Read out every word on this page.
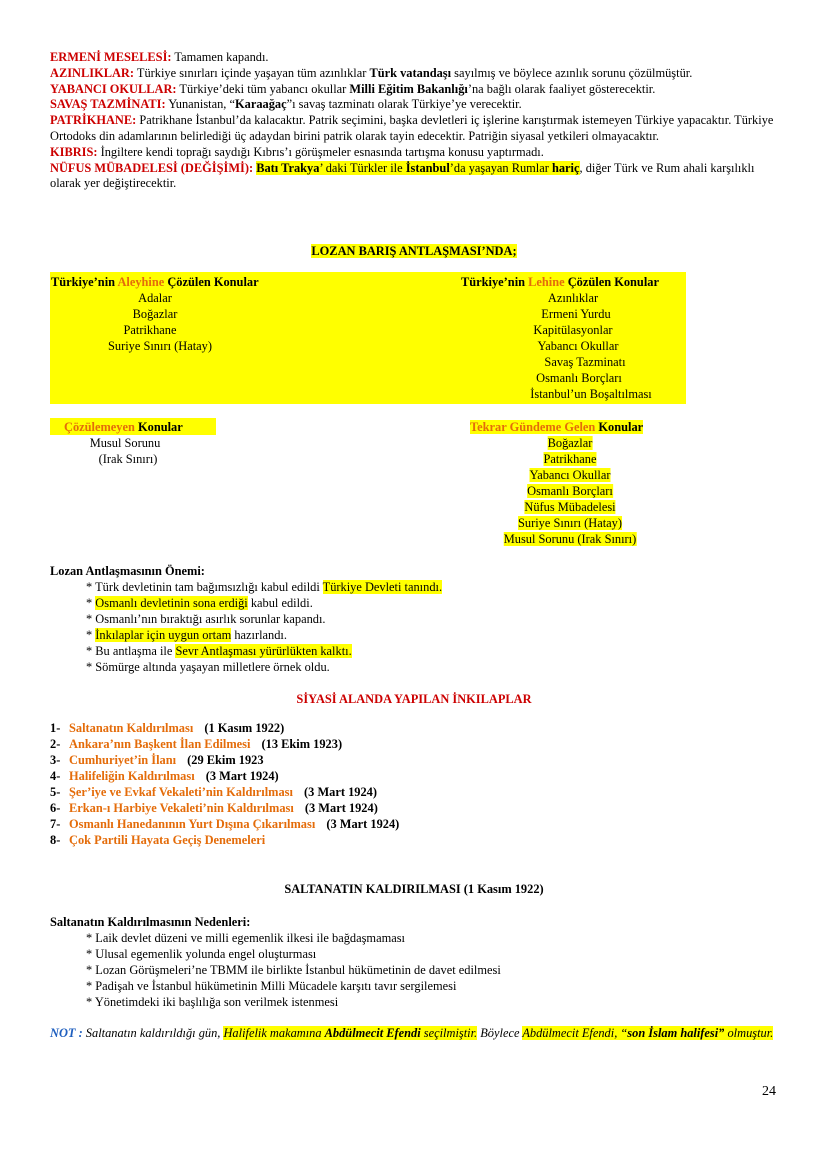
ERMENİ MESELESİ: Tamamen kapandı.

AZINLIKLAR: Türkiye sınırları içinde yaşayan tüm azınlıklar Türk vatandaşı sayılmış ve böylece azınlık sorunu çözülmüştür.

YABANCI OKULLAR: Türkiye’deki tüm yabancı okullar Milli Eğitim Bakanlığı’na bağlı olarak faaliyet gösterecektir.

SAVAŞ TAZMİNATI: Yunanistan, “Karaağaç”ı savaş tazminatı olarak Türkiye’ye verecektir.

PATRİKHANE: Patrikhane İstanbul’da kalacaktır. Patrik seçimini, başka devletleri iç işlerine karıştırmak istemeyen Türkiye yapacaktır. Türkiye Ortodoks din adamlarının belirlediği üç adaydan birini patrik olarak tayin edecektir. Patriğin siyasal yetkileri olmayacaktır.

KIBRIS: İngiltere kendi toprağı saydığı Kıbrıs’ı görüşmeler esnasında tartışma konusu yaptırmadı.

NÜFUS MÜBADELESİ (DEĞİŞİMİ): Batı Trakya’ daki Türkler ile İstanbul’da yaşayan Rumlar hariç, diğer Türk ve Rum ahali karşılıklı olarak yer değiştirecektir.

LOZAN BARIŞ ANTLAŞMASI’NDA;
Türkiye’nin Aleyhine Çözülen Konular
Adalar
Boğazlar
Patrikhane
Suriye Sınırı (Hatay)
Türkiye’nin Lehine Çözülen Konular
Azınlıklar
Ermeni Yurdu
Kapitülasyonlar
Yabancı Okullar
Savaş Tazminatı
Osmanlı Borçları
İstanbul’un Boşaltılması
Çözülemeyen Konular
Musul Sorunu
(Irak Sınırı)
Tekrar Gündeme Gelen Konular
Boğazlar
Patrikhane
Yabancı Okullar
Osmanlı Borçları
Nüfus Mübadelesi
Suriye Sınırı (Hatay)
Musul Sorunu (Irak Sınırı)
Lozan Antlaşmasının Önemi:
* Türk devletinin tam bağımsızlığı kabul edildi Türkiye Devleti tanındı.
* Osmanlı devletinin sona erdiği kabul edildi.
* Osmanlı’nın bıraktığı asırlık sorunlar kapandı.
* İnkılaplar için uygun ortam hazırlandı.
* Bu antlaşma ile Sevr Antlaşması yürürlükten kalktı.
* Sömürge altında yaşayan milletlere örnek oldu.
SİYASİ ALANDA YAPILAN İNKILAPLAR
1- Saltanatın Kaldırılması (1 Kasım 1922)
2- Ankara’nın Başkent İlan Edilmesi (13 Ekim 1923)
3- Cumhuriyet’in İlanı (29 Ekim 1923
4- Halifeliğin Kaldırılması (3 Mart 1924)
5- Şer’iye ve Evkaf Vekaleti’nin Kaldırılması (3 Mart 1924)
6- Erkan-ı Harbiye Vekaleti’nin Kaldırılması (3 Mart 1924)
7- Osmanlı Hanedanının Yurt Dışına Çıkarılması (3 Mart 1924)
8- Çok Partili Hayata Geçiş Denemeleri
SALTANATIN KALDIRILMASI (1 Kasım 1922)
Saltanatın Kaldırılmasının Nedenleri:
* Laik devlet düzeni ve milli egemenlik ilkesi ile bağdaşmaması
* Ulusal egemenlik yolunda engel oluşturması
* Lozan Görüşmeleri’ne TBMM ile birlikte İstanbul hükümetinin de davet edilmesi
* Padişah ve İstanbul hükümetinin Milli Mücadele karşıtı tavır sergilemesi
* Yönetimdeki iki başlılığa son verilmek istenmesi
NOT : Saltanatın kaldırıldığı gün, Halifelik makamına Abdülmecit Efendi seçilmiştir. Böylece Abdülmecit Efendi, “son İslam halifesi” olmuştur.
24
